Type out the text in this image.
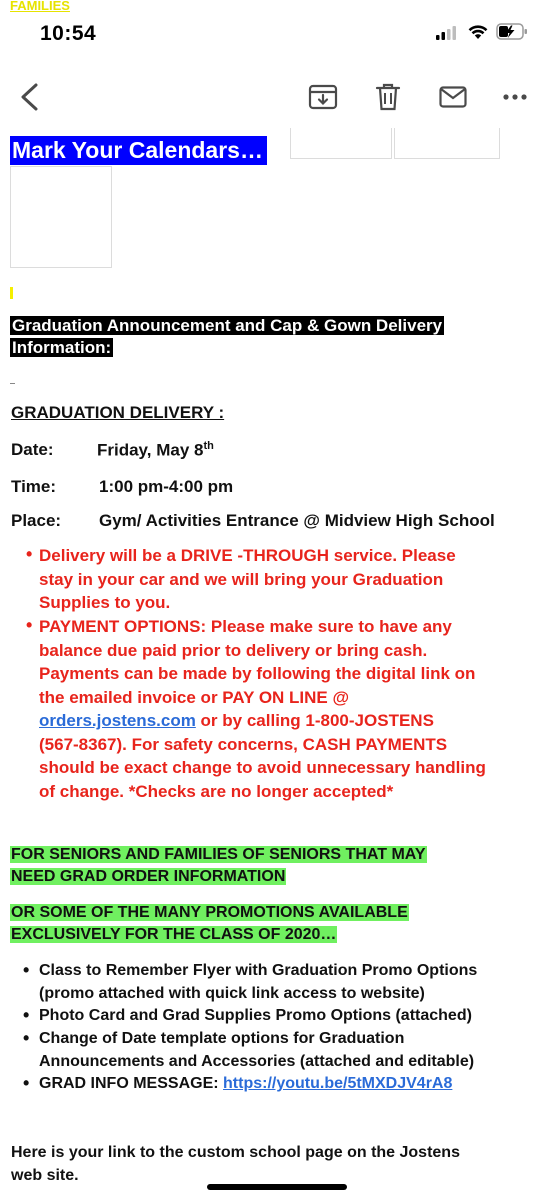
FAMILIES
10:54
Mark Your Calendars…
Graduation Announcement and Cap & Gown Delivery
Information:
GRADUATION DELIVERY :
Date:	Friday, May 8th
Time:	1:00 pm-4:00 pm
Place: Gym/ Activities Entrance @ Midview High School
• Delivery will be a DRIVE -THROUGH service. Please
stay in your car and we will bring your Graduation
Supplies to you.
• PAYMENT OPTIONS: Please make sure to have any
balance due paid prior to delivery or bring cash.
Payments can be made by following the digital link on
the emailed invoice or PAY ON LINE @
orders.jostens.com or by calling 1-800-JOSTENS
(567-8367). For safety concerns, CASH PAYMENTS
should be exact change to avoid unnecessary handling
of change. *Checks are no longer accepted*
FOR SENIORS AND FAMILIES OF SENIORS THAT MAY
NEED GRAD ORDER INFORMATION
OR SOME OF THE MANY PROMOTIONS AVAILABLE
EXCLUSIVELY FOR THE CLASS OF 2020…
• Class to Remember Flyer with Graduation Promo Options
(promo attached with quick link access to website)
• Photo Card and Grad Supplies Promo Options (attached)
• Change of Date template options for Graduation
Announcements and Accessories (attached and editable)
• GRAD INFO MESSAGE: https://youtu.be/5tMXDJV4rA8
Here is your link to the custom school page on the Jostens
web site.
